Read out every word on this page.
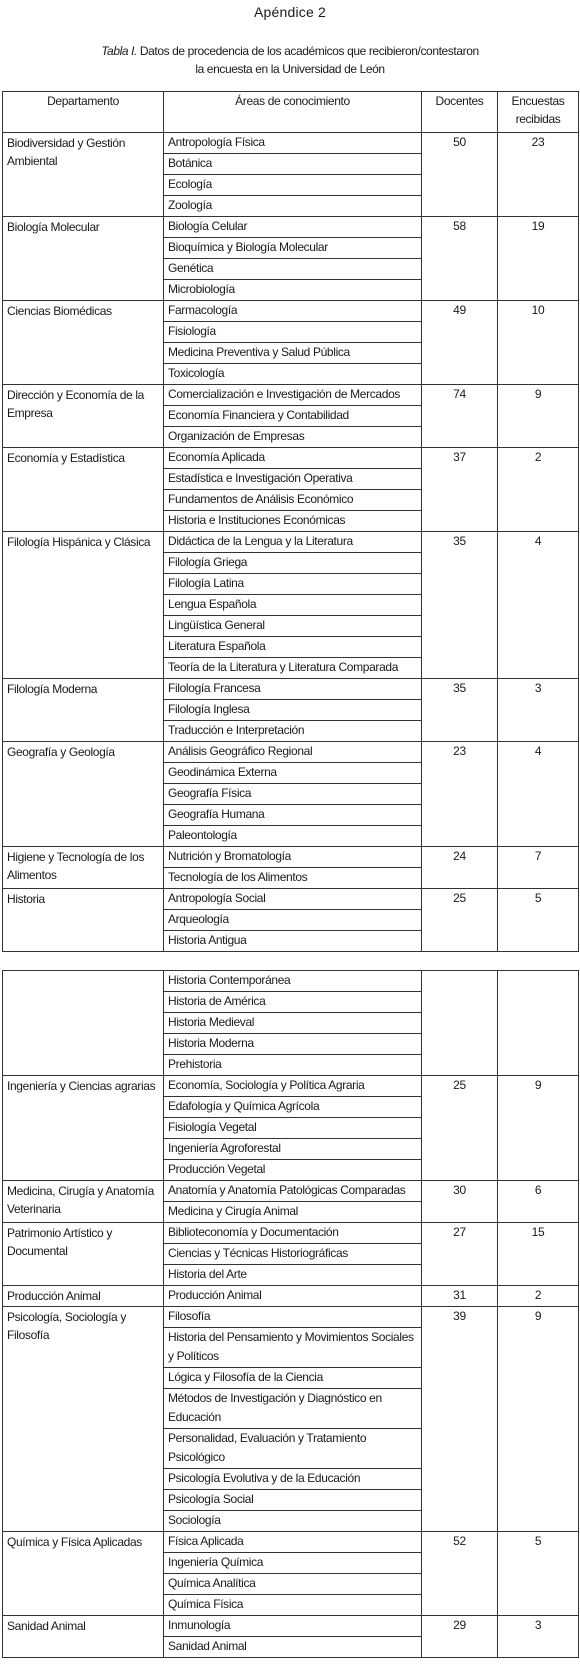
Apéndice 2
Tabla I. Datos de procedencia de los académicos que recibieron/contestaron
la encuesta en la Universidad de León
Departamento	Áreas de conocimiento	Docentes	Encuestas recibidas
Biodiversidad y Gestión Ambiental	Antropología Física	50	23
	Botánica		
	Ecología		
	Zoología		
Biología Molecular	Biología Celular	58	19
	Bioquímica y Biología Molecular		
	Genética		
	Microbiología		
Ciencias Biomédicas	Farmacología	49	10
	Fisiología		
	Medicina Preventiva y Salud Pública		
	Toxicología		
Dirección y Economía de la Empresa	Comercialización e Investigación de Mercados	74	9
	Economía Financiera y Contabilidad		
	Organización de Empresas		
Economía y Estadística	Economía Aplicada	37	2
	Estadística e Investigación Operativa		
	Fundamentos de Análisis Económico		
	Historia e Instituciones Económicas		
Filología Hispánica y Clásica	Didáctica de la Lengua y la Literatura	35	4
	Filología Griega		
	Filología Latina		
	Lengua Española		
	Lingüística General		
	Literatura Española		
	Teoría de la Literatura y Literatura Comparada		
Filología Moderna	Filología Francesa	35	3
	Filología Inglesa		
	Traducción e Interpretación		
Geografía y Geología	Análisis Geográfico Regional	23	4
	Geodinámica Externa		
	Geografía Física		
	Geografía Humana		
	Paleontología		
Higiene y Tecnología de los Alimentos	Nutrición y Bromatología	24	7
	Tecnología de los Alimentos		
Historia	Antropología Social	25	5
	Arqueología		
	Historia Antigua		
	Historia Contemporánea		
	Historia de América		
	Historia Medieval		
	Historia Moderna		
	Prehistoria		
Ingeniería y Ciencias agrarias	Economía, Sociología y Política Agraria	25	9
	Edafología y Química Agrícola		
	Fisiología Vegetal		
	Ingeniería Agroforestal		
	Producción Vegetal		
Medicina, Cirugía y Anatomía Veterinaria	Anatomía y Anatomía Patológicas Comparadas	30	6
	Medicina y Cirugía Animal		
Patrimonio Artístico y Documental	Biblioteconomía y Documentación	27	15
	Ciencias y Técnicas Historiográficas		
	Historia del Arte		
Producción Animal	Producción Animal	31	2
Psicología, Sociología y Filosofía	Filosofía	39	9
	Historia del Pensamiento y Movimientos Sociales y Políticos		
	Lógica y Filosofía de la Ciencia		
	Métodos de Investigación y Diagnóstico en Educación		
	Personalidad, Evaluación y Tratamiento Psicológico		
	Psicología Evolutiva y de la Educación		
	Psicología Social		
	Sociología		
Química y Física Aplicadas	Física Aplicada	52	5
	Ingeniería Química		
	Química Analítica		
	Química Física		
Sanidad Animal	Inmunología	29	3
	Sanidad Animal		
